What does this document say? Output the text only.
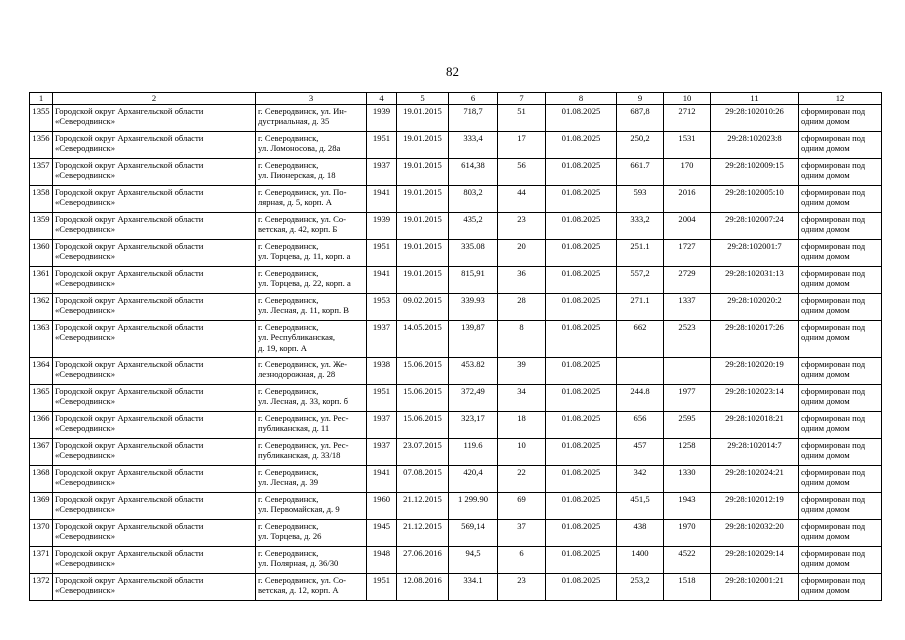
82
1	2	3	4	5	6	7	8	9	10	11	12
1355	Городской округ Архангельской области
«Северодвинск»	г. Северодвинск, ул. Ин-
дустриальная, д. 35	1939	19.01.2015	718,7	51	01.08.2025	687,8	2712	29:28:102010:26	сформирован под
одним домом

1356	Городской округ Архангельской области
«Северодвинск»	г. Северодвинск,
ул. Ломоносова, д. 28а	1951	19.01.2015	333,4	17	01.08.2025	250,2	1531	29:28:102023:8	сформирован под
одним домом

1357	Городской округ Архангельской области
«Северодвинск»	г. Северодвинск,
ул. Пионерская, д. 18	1937	19.01.2015	614,38	56	01.08.2025	661.7	170	29:28:102009:15	сформирован под
одним домом

1358	Городской округ Архангельской области
«Северодвинск»	г. Северодвинск, ул. По-
лярная, д. 5, корп. А	1941	19.01.2015	803,2	44	01.08.2025	593	2016	29:28:102005:10	сформирован под
одним домом

1359	Городской округ Архангельской области
«Северодвинск»	г. Северодвинск, ул. Со-
ветская, д. 42, корп. Б	1939	19.01.2015	435,2	23	01.08.2025	333,2	2004	29:28:102007:24	сформирован под
одним домом

1360	Городской округ Архангельской области
«Северодвинск»	г. Северодвинск,
ул. Торцева, д. 11, корп. а	1951	19.01.2015	335.08	20	01.08.2025	251.1	1727	29:28:102001:7	сформирован под
одним домом

1361	Городской округ Архангельской области
«Северодвинск»	г. Северодвинск,
ул. Торцева, д. 22, корп. а	1941	19.01.2015	815,91	36	01.08.2025	557,2	2729	29:28:102031:13	сформирован под
одним домом

1362	Городской округ Архангельской области
«Северодвинск»	г. Северодвинск,
ул. Лесная, д. 11, корп. В	1953	09.02.2015	339.93	28	01.08.2025	271.1	1337	29:28:102020:2	сформирован под
одним домом

1363	Городской округ Архангельской области
«Северодвинск»	г. Северодвинск,
ул. Республиканская,
д. 19, корп. А	1937	14.05.2015	139,87	8	01.08.2025	662	2523	29:28:102017:26	сформирован под
одним домом

1364	Городской округ Архангельской области
«Северодвинск»	г. Северодвинск, ул. Же-
лезнодорожная, д. 28	1938	15.06.2015	453.82	39	01.08.2025			29:28:102020:19	сформирован под
одним домом

1365	Городской округ Архангельской области
«Северодвинск»	г. Северодвинск,
ул. Лесная, д. 33, корп. б	1951	15.06.2015	372,49	34	01.08.2025	244.8	1977	29:28:102023:14	сформирован под
одним домом

1366	Городской округ Архангельской области
«Северодвинск»	г. Северодвинск, ул. Рес-
публиканская, д. 11	1937	15.06.2015	323,17	18	01.08.2025	656	2595	29:28:102018:21	сформирован под
одним домом

1367	Городской округ Архангельской области
«Северодвинск»	г. Северодвинск, ул. Рес-
публиканская, д. 33/18	1937	23.07.2015	119.6	10	01.08.2025	457	1258	29:28:102014:7	сформирован под
одним домом

1368	Городской округ Архангельской области
«Северодвинск»	г. Северодвинск,
ул. Лесная, д. 39	1941	07.08.2015	420,4	22	01.08.2025	342	1330	29:28:102024:21	сформирован под
одним домом

1369	Городской округ Архангельской области
«Северодвинск»	г. Северодвинск,
ул. Первомайская, д. 9	1960	21.12.2015	1 299.90	69	01.08.2025	451,5	1943	29:28:102012:19	сформирован под
одним домом

1370	Городской округ Архангельской области
«Северодвинск»	г. Северодвинск,
ул. Торцева, д. 26	1945	21.12.2015	569,14	37	01.08.2025	438	1970	29:28:102032:20	сформирован под
одним домом

1371	Городской округ Архангельской области
«Северодвинск»	г. Северодвинск,
ул. Полярная, д. 36/30	1948	27.06.2016	94,5	6	01.08.2025	1400	4522	29:28:102029:14	сформирован под
одним домом

1372	Городской округ Архангельской области
«Северодвинск»	г. Северодвинск, ул. Со-
ветская, д. 12, корп. А	1951	12.08.2016	334.1	23	01.08.2025	253,2	1518	29:28:102001:21	сформирован под
одним домом
